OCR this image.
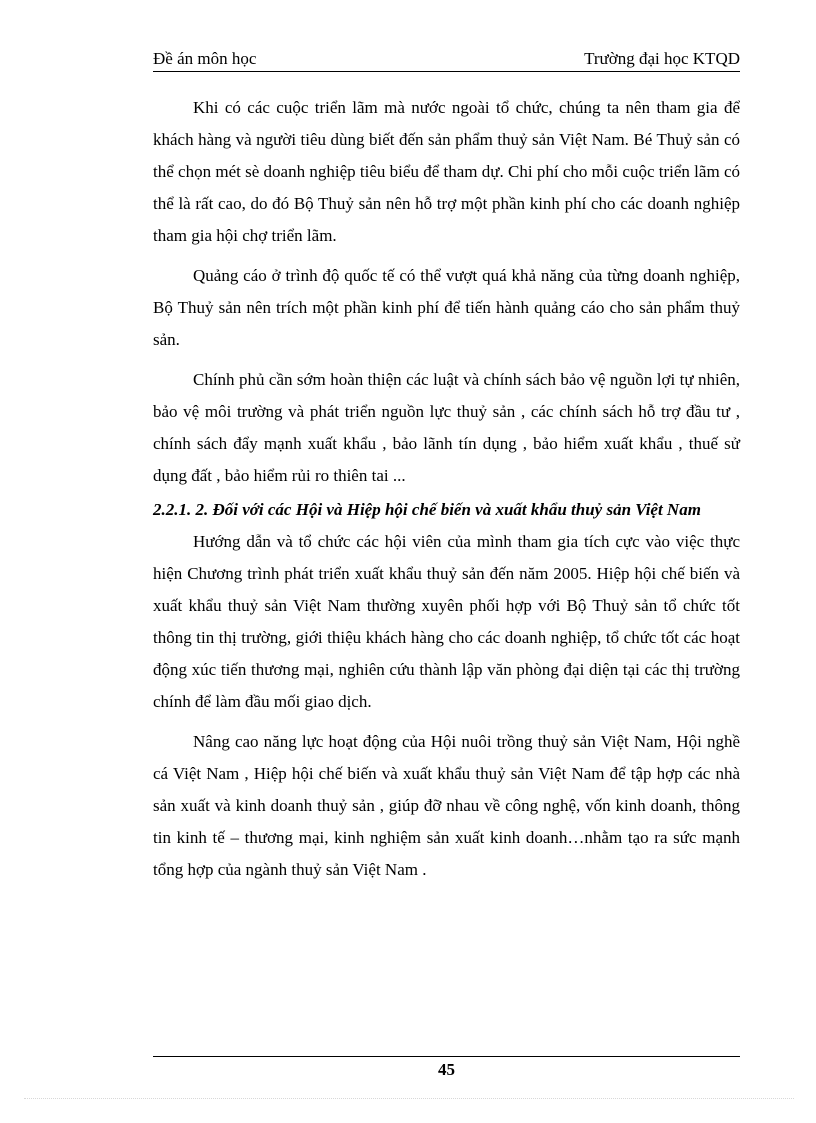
Đề án môn học	Trường đại học KTQD

Khi có các cuộc triển lãm mà nước ngoài tổ chức, chúng ta nên tham gia để khách hàng và người tiêu dùng biết đến sản phẩm thuỷ sản Việt Nam. Bé Thuỷ sản có thể chọn mét sè doanh nghiệp tiêu biểu để tham dự. Chi phí cho mỗi cuộc triển lãm có thể là rất cao, do đó Bộ Thuỷ sản nên hỗ trợ một phần kinh phí cho các doanh nghiệp tham gia hội chợ triển lãm.

Quảng cáo ở trình độ quốc tế có thể vượt quá khả năng của từng doanh nghiệp, Bộ Thuỷ sản nên trích một phần kinh phí để tiến hành quảng cáo cho sản phẩm thuỷ sản.

Chính phủ cần sớm hoàn thiện các luật và chính sách bảo vệ nguồn lợi tự nhiên, bảo vệ môi trường và phát triển nguồn lực thuỷ sản , các chính sách hỗ trợ đầu tư , chính sách đẩy mạnh xuất khẩu , bảo lãnh tín dụng , bảo hiểm xuất khẩu , thuế sử dụng đất , bảo hiểm rủi ro thiên tai ...

2.2.1. 2. Đối với các Hội và Hiệp hội chế biến và xuất khẩu thuỷ sản Việt Nam

Hướng dẫn và tổ chức các hội viên của mình tham gia tích cực vào việc thực hiện Chương trình phát triển xuất khẩu thuỷ sản đến năm 2005. Hiệp hội chế biến và xuất khẩu thuỷ sản Việt Nam thường xuyên phối hợp với Bộ Thuỷ sản tổ chức tốt thông tin thị trường, giới thiệu khách hàng cho các doanh nghiệp, tổ chức tốt các hoạt động xúc tiến thương mại, nghiên cứu thành lập văn phòng đại diện tại các thị trường chính để làm đầu mối giao dịch.

Nâng cao năng lực hoạt động của Hội nuôi trồng thuỷ sản Việt Nam, Hội nghề cá Việt Nam , Hiệp hội chế biến và xuất khẩu thuỷ sản Việt Nam để tập hợp các nhà sản xuất và kinh doanh thuỷ sản , giúp đỡ nhau về công nghệ, vốn kinh doanh, thông tin kinh tế – thương mại, kinh nghiệm sản xuất kinh doanh…nhằm tạo ra sức mạnh tổng hợp của ngành thuỷ sản Việt Nam .

45
